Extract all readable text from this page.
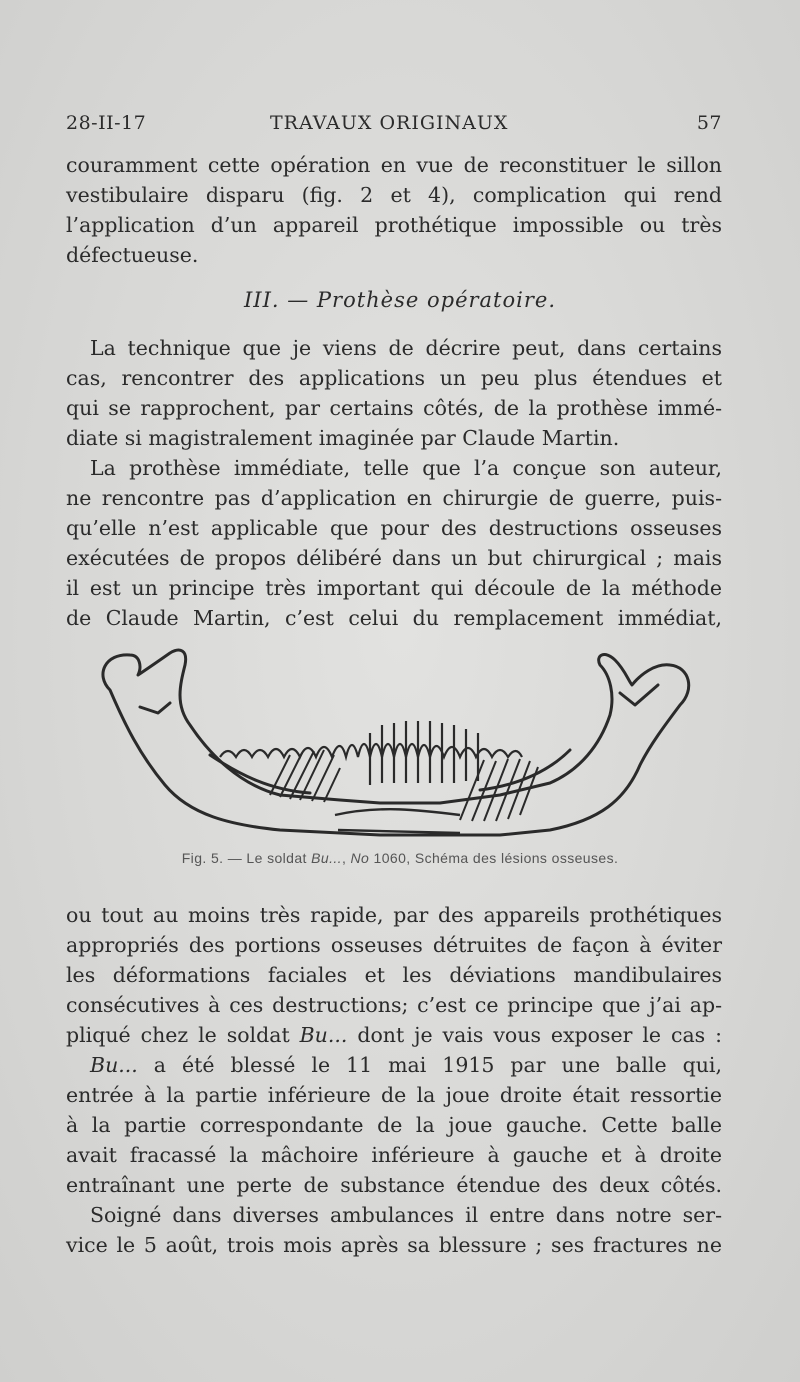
28-II-17	TRAVAUX ORIGINAUX	57
couramment cette opération en vue de reconstituer le sillon
vestibulaire disparu (fig. 2 et 4), complication qui rend
l’application d’un appareil prothétique impossible ou très
défectueuse.
III. — Prothèse opératoire.
La technique que je viens de décrire peut, dans certains
cas, rencontrer des applications un peu plus étendues et
qui se rapprochent, par certains côtés, de la prothèse immé-
diate si magistralement imaginée par Claude Martin.
La prothèse immédiate, telle que l’a conçue son auteur,
ne rencontre pas d’application en chirurgie de guerre, puis-
qu’elle n’est applicable que pour des destructions osseuses
exécutées de propos délibéré dans un but chirurgical ; mais
il est un principe très important qui découle de la méthode
de Claude Martin, c’est celui du remplacement immédiat,
Fig. 5. — Le soldat Bu..., No 1060, Schéma des lésions osseuses.
ou tout au moins très rapide, par des appareils prothétiques
appropriés des portions osseuses détruites de façon à éviter
les déformations faciales et les déviations mandibulaires
consécutives à ces destructions; c’est ce principe que j’ai ap-
pliqué chez le soldat Bu... dont je vais vous exposer le cas :
Bu... a été blessé le 11 mai 1915 par une balle qui,
entrée à la partie inférieure de la joue droite était ressortie
à la partie correspondante de la joue gauche. Cette balle
avait fracassé la mâchoire inférieure à gauche et à droite
entraînant une perte de substance étendue des deux côtés.
Soigné dans diverses ambulances il entre dans notre ser-
vice le 5 août, trois mois après sa blessure ; ses fractures ne
